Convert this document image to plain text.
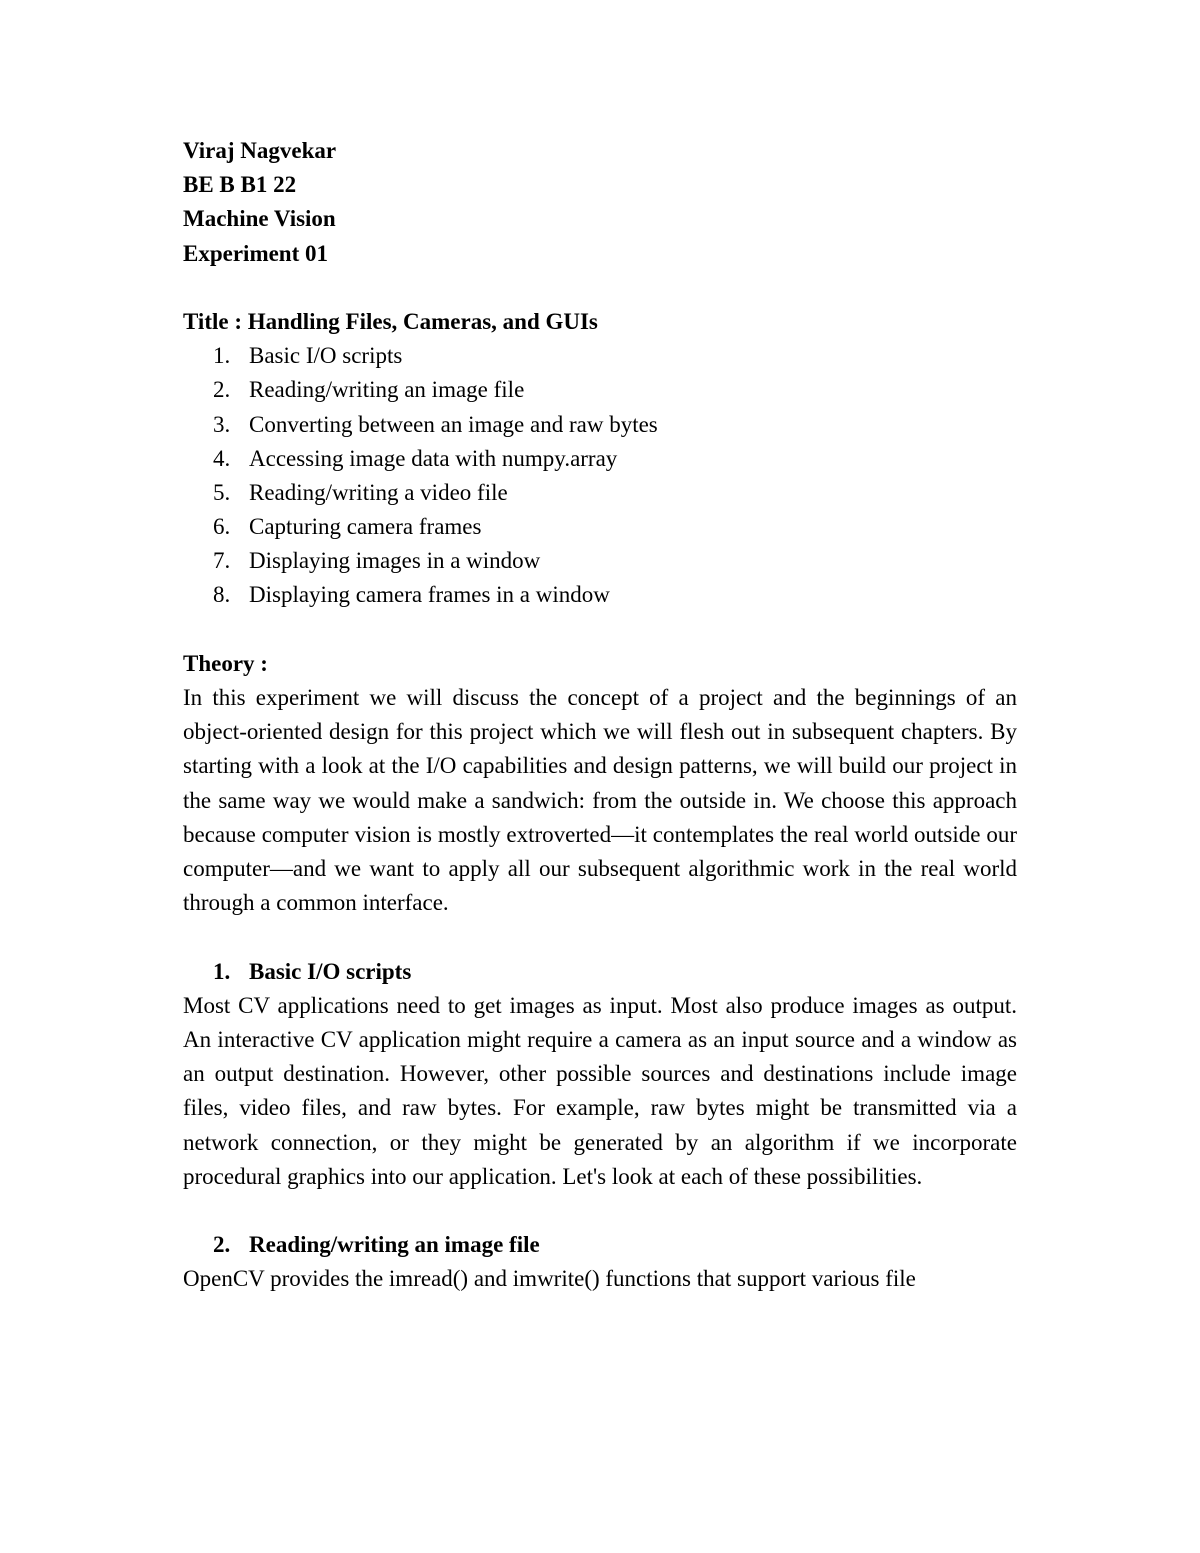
Viraj Nagvekar
BE B B1 22
Machine Vision
Experiment 01
Title : Handling Files, Cameras, and GUIs
1. Basic I/O scripts
2. Reading/writing an image file
3. Converting between an image and raw bytes
4. Accessing image data with numpy.array
5. Reading/writing a video file
6. Capturing camera frames
7. Displaying images in a window
8. Displaying camera frames in a window
Theory :

In this experiment we will discuss the concept of a project and the beginnings of an object-oriented design for this project which we will flesh out in subsequent chapters. By starting with a look at the I/O capabilities and design patterns, we will build our project in the same way we would make a sandwich: from the outside in. We choose this approach because computer vision is mostly extroverted—it contemplates the real world outside our computer—and we want to apply all our subsequent algorithmic work in the real world through a common interface.

1. Basic I/O scripts

Most CV applications need to get images as input. Most also produce images as output. An interactive CV application might require a camera as an input source and a window as an output destination. However, other possible sources and destinations include image files, video files, and raw bytes. For example, raw bytes might be transmitted via a network connection, or they might be generated by an algorithm if we incorporate procedural graphics into our application. Let's look at each of these possibilities.

2. Reading/writing an image file

OpenCV provides the imread() and imwrite() functions that support various file
